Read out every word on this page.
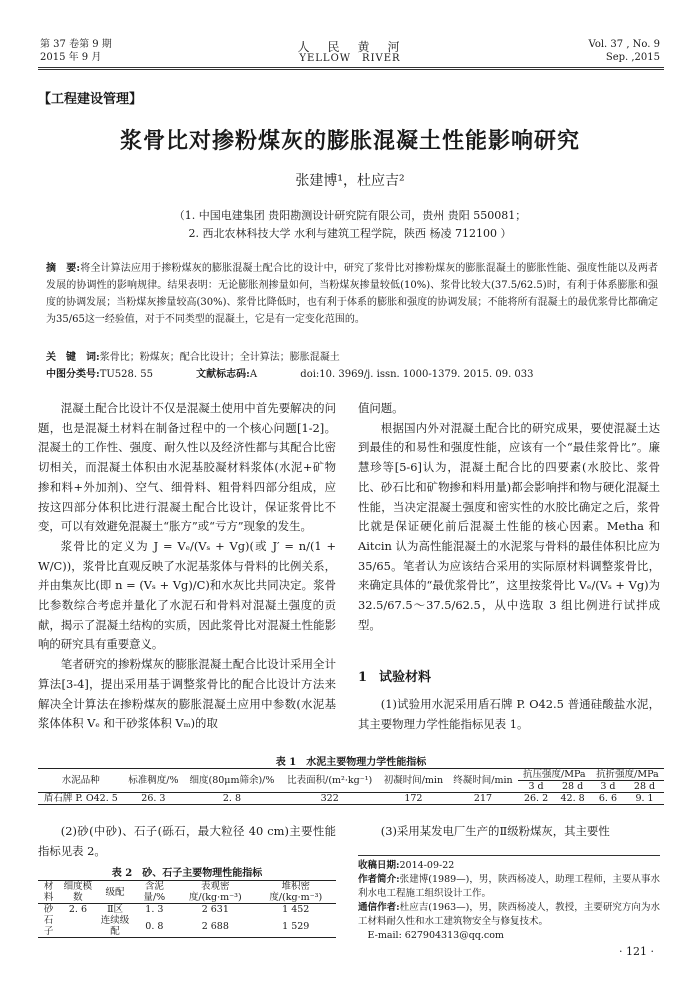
第 37 卷第 9 期
2015 年 9 月
人　民　黄　河
YELLOW　RIVER
Vol. 37 , No. 9
Sep. ,2015
【工程建设管理】
浆骨比对掺粉煤灰的膨胀混凝土性能影响研究
张建博¹，杜应吉²
（1. 中国电建集团 贵阳勘测设计研究院有限公司，贵州 贵阳 550081；
2. 西北农林科技大学 水利与建筑工程学院，陕西 杨凌 712100 ）
摘　要:将全计算法应用于掺粉煤灰的膨胀混凝土配合比的设计中，研究了浆骨比对掺粉煤灰的膨胀混凝土的膨胀性能、强度性能以及两者发展的协调性的影响规律。结果表明：无论膨胀剂掺量如何，当粉煤灰掺量较低(10%)、浆骨比较大(37.5/62.5)时，有利于体系膨胀和强度的协调发展；当粉煤灰掺量较高(30%)、浆骨比降低时，也有利于体系的膨胀和强度的协调发展；不能将所有混凝土的最优浆骨比都确定为35/65这一经验值，对于不同类型的混凝土，它是有一定变化范围的。
关　键　词:浆骨比；粉煤灰；配合比设计；全计算法；膨胀混凝土
中图分类号:TU528. 55	文献标志码:A	doi:10. 3969/j. issn. 1000-1379. 2015. 09. 033

混凝土配合比设计不仅是混凝土使用中首先要解决的问题，也是混凝土材料在制备过程中的一个核心问题[1-2]。混凝土的工作性、强度、耐久性以及经济性都与其配合比密切相关，而混凝土体积由水泥基胶凝材料浆体(水泥+矿物掺和料+外加剂)、空气、细骨料、粗骨料四部分组成，应按这四部分体积比进行混凝土配合比设计，保证浆骨比不变，可以有效避免混凝土“胀方”或“亏方”现象的发生。

浆骨比的定义为 J = Vₑ/(Vₛ + Vg)(或 J′ = n/(1 + W/C))，浆骨比直观反映了水泥基浆体与骨料的比例关系，并由集灰比(即 n = (Vₛ + Vg)/C)和水灰比共同决定。浆骨比参数综合考虑并量化了水泥石和骨料对混凝土强度的贡献，揭示了混凝土结构的实质，因此浆骨比对混凝土性能影响的研究具有重要意义。

笔者研究的掺粉煤灰的膨胀混凝土配合比设计采用全计算法[3-4]，提出采用基于调整浆骨比的配合比设计方法来解决全计算法在掺粉煤灰的膨胀混凝土应用中参数(水泥基浆体体积 Vₑ 和干砂浆体积 Vₘ)的取

值问题。

根据国内外对混凝土配合比的研究成果，要使混凝土达到最佳的和易性和强度性能，应该有一个“最佳浆骨比”。廉慧珍等[5-6]认为，混凝土配合比的四要素(水胶比、浆骨比、砂石比和矿物掺和料用量)都会影响拌和物与硬化混凝土性能，当决定混凝土强度和密实性的水胶比确定之后，浆骨比就是保证硬化前后混凝土性能的核心因素。Metha 和 Aitcin 认为高性能混凝土的水泥浆与骨料的最佳体积比应为 35/65。笔者认为应该结合采用的实际原材料调整浆骨比，来确定具体的“最优浆骨比”，这里按浆骨比 Vₑ/(Vₛ + Vg)为 32.5/67.5～37.5/62.5，从中选取 3 组比例进行试拌成型。

1 试验材料

(1)试验用水泥采用盾石牌 P. O42.5 普通硅酸盐水泥，其主要物理力学性能指标见表 1。

表 1　水泥主要物理力学性能指标
水泥品种	标准稠度/%	细度(80μm筛余)/%	比表面积/(m²·kg⁻¹)	初凝时间/min	终凝时间/min	抗压强度/MPa		抗折强度/MPa	
						3 d	28 d	3 d	28 d
盾石牌 P. O42. 5	26. 3	2. 8	322	172	217	26. 2	42. 8	6. 6	9. 1

(2)砂(中砂)、石子(砾石，最大粒径 40 cm)主要性能指标见表 2。

表 2　砂、石子主要物理性能指标
材料	细度模数	级配	含泥量/%	表观密度/(kg·m⁻³)	堆积密度/(kg·m⁻³)
砂	2. 6	Ⅱ区	1. 3	2 631	1 452
石子		连续级配	0. 8	2 688	1 529

(3)采用某发电厂生产的Ⅱ级粉煤灰，其主要性

收稿日期:2014-09-22
作者简介:张建博(1989—)，男，陕西杨凌人，助理工程师，主要从事水利水电工程施工组织设计工作。
通信作者:杜应吉(1963—)，男，陕西杨凌人，教授，主要研究方向为水工材料耐久性和水工建筑物安全与修复技术。
E-mail: 627904313@qq.com
· 121 ·
